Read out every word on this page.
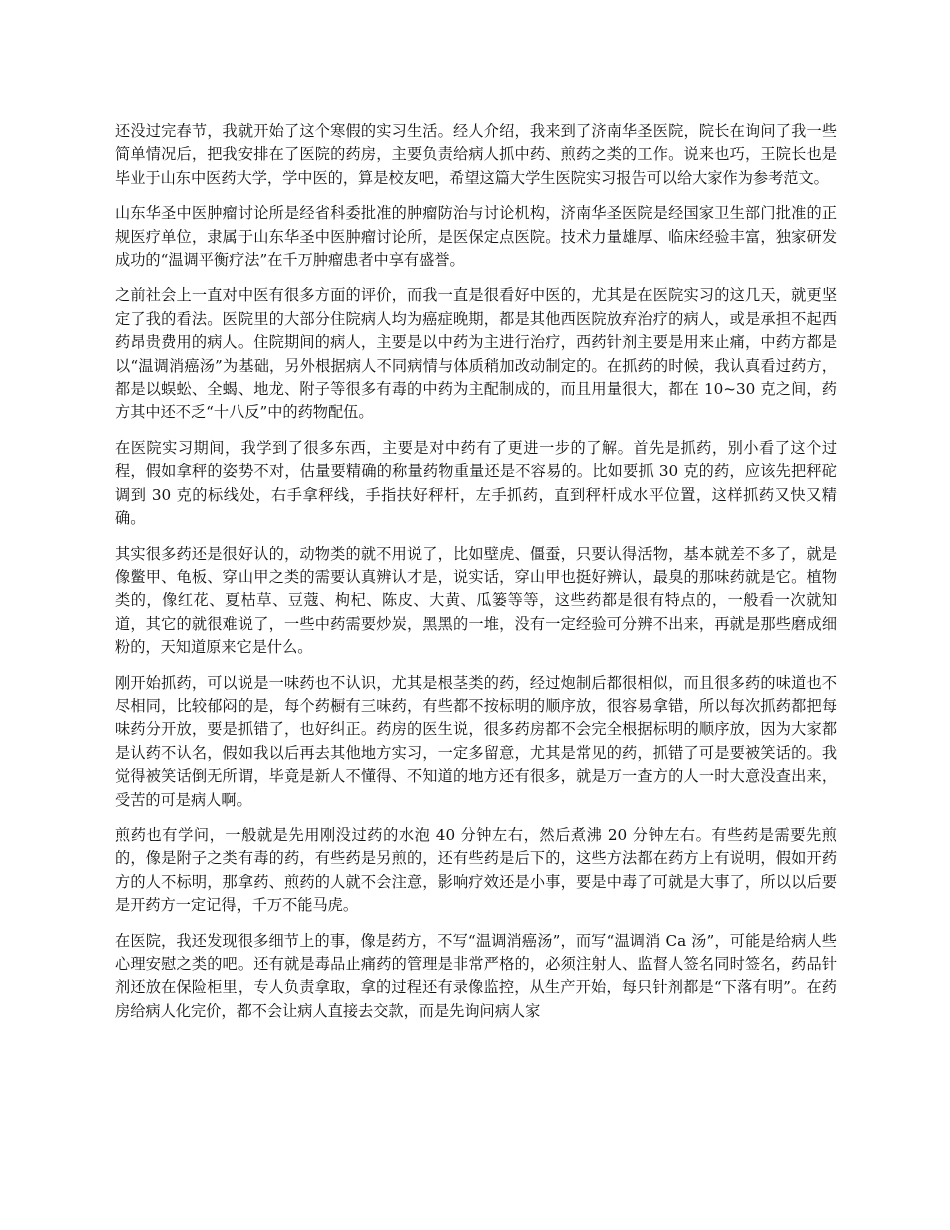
还没过完春节，我就开始了这个寒假的实习生活。经人介绍，我来到了济南华圣医院，院长在询问了我一些简单情况后，把我安排在了医院的药房，主要负责给病人抓中药、煎药之类的工作。说来也巧，王院长也是毕业于山东中医药大学，学中医的，算是校友吧，希望这篇大学生医院实习报告可以给大家作为参考范文。

山东华圣中医肿瘤讨论所是经省科委批准的肿瘤防治与讨论机构，济南华圣医院是经国家卫生部门批准的正规医疗单位，隶属于山东华圣中医肿瘤讨论所，是医保定点医院。技术力量雄厚、临床经验丰富，独家研发成功的“温调平衡疗法”在千万肿瘤患者中享有盛誉。

之前社会上一直对中医有很多方面的评价，而我一直是很看好中医的，尤其是在医院实习的这几天，就更坚定了我的看法。医院里的大部分住院病人均为癌症晚期，都是其他西医院放弃治疗的病人，或是承担不起西药昂贵费用的病人。住院期间的病人，主要是以中药为主进行治疗，西药针剂主要是用来止痛，中药方都是以“温调消癌汤”为基础，另外根据病人不同病情与体质稍加改动制定的。在抓药的时候，我认真看过药方，都是以蜈蚣、全蝎、地龙、附子等很多有毒的中药为主配制成的，而且用量很大，都在 10~30 克之间，药方其中还不乏“十八反”中的药物配伍。

在医院实习期间，我学到了很多东西，主要是对中药有了更进一步的了解。首先是抓药，别小看了这个过程，假如拿秤的姿势不对，估量要精确的称量药物重量还是不容易的。比如要抓 30 克的药，应该先把秤砣调到 30 克的标线处，右手拿秤线，手指扶好秤杆，左手抓药，直到秤杆成水平位置，这样抓药又快又精确。

其实很多药还是很好认的，动物类的就不用说了，比如壁虎、僵蚕，只要认得活物，基本就差不多了，就是像鳖甲、龟板、穿山甲之类的需要认真辨认才是，说实话，穿山甲也挺好辨认，最臭的那味药就是它。植物类的，像红花、夏枯草、豆蔻、枸杞、陈皮、大黄、瓜篓等等，这些药都是很有特点的，一般看一次就知道，其它的就很难说了，一些中药需要炒炭，黑黑的一堆，没有一定经验可分辨不出来，再就是那些磨成细粉的，天知道原来它是什么。

刚开始抓药，可以说是一味药也不认识，尤其是根茎类的药，经过炮制后都很相似，而且很多药的味道也不尽相同，比较郁闷的是，每个药橱有三味药，有些都不按标明的顺序放，很容易拿错，所以每次抓药都把每味药分开放，要是抓错了，也好纠正。药房的医生说，很多药房都不会完全根据标明的顺序放，因为大家都是认药不认名，假如我以后再去其他地方实习，一定多留意，尤其是常见的药，抓错了可是要被笑话的。我觉得被笑话倒无所谓，毕竟是新人不懂得、不知道的地方还有很多，就是万一查方的人一时大意没查出来，受苦的可是病人啊。

煎药也有学问，一般就是先用刚没过药的水泡 40 分钟左右，然后煮沸 20 分钟左右。有些药是需要先煎的，像是附子之类有毒的药，有些药是另煎的，还有些药是后下的，这些方法都在药方上有说明，假如开药方的人不标明，那拿药、煎药的人就不会注意，影响疗效还是小事，要是中毒了可就是大事了，所以以后要是开药方一定记得，千万不能马虎。

在医院，我还发现很多细节上的事，像是药方，不写“温调消癌汤”，而写“温调消 Ca 汤”，可能是给病人些心理安慰之类的吧。还有就是毒品止痛药的管理是非常严格的，必须注射人、监督人签名同时签名，药品针剂还放在保险柜里，专人负责拿取，拿的过程还有录像监控，从生产开始，每只针剂都是“下落有明”。在药房给病人化完价，都不会让病人直接去交款，而是先询问病人家
